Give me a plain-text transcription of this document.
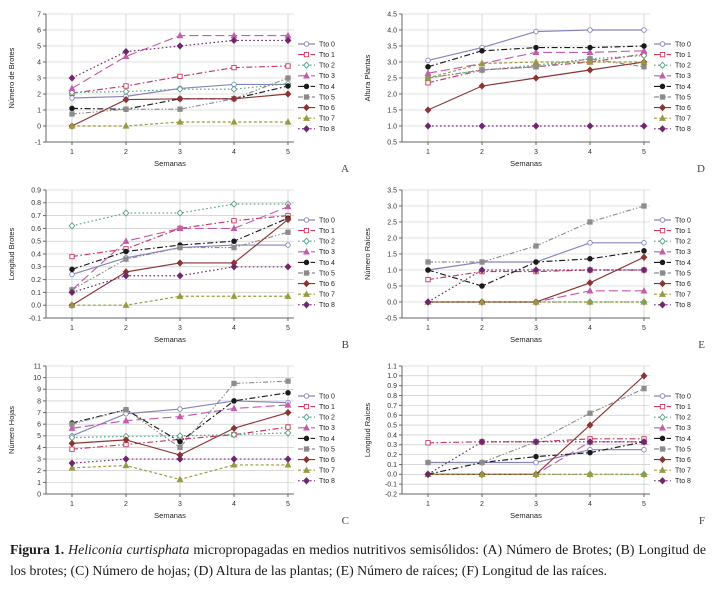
-1
0
1
2
3
4
5
6
7
1	2	3	4	5
Número de Brotes
Semanas
Tto 0
Tto 1
Tto 2
Tto 3
Tto 4
Tto 5
Tto 6
Tto 7
Tto 8
A
0.5
1.0
1.5
2.0
2.5
3.0
3.5
4.0
4.5
1	2	3	4	5
Altura Plantas
Semanas
Tto 0
Tto 1
Tto 2
Tto 3
Tto 4
Tto 5
Tto 6
Tto 7
Tto 8
D
-0.1
0.0
0.1
0.2
0.3
0.4
0.5
0.6
0.7
0.8
0.9
1	2	3	4	5
Longitud Brotes
Semanas
Tto 0
Tto 1
Tto 2
Tto 3
Tto 4
Tto 5
Tto 6
Tto 7
Tto 8
B
-0.5
0.0
0.5
1.0
1.5
2.0
2.5
3.0
3.5
1	2	3	4	5
Número Raíces
Semanas
Tto 0
Tto 1
Tto 2
Tto 3
Tto 4
Tto 5
Tto 6
Tto 7
Tto 8
E
0
1
2
3
4
5
6
7
8
9
10
11
1	2	3	4	5
Número Hojas
Semanas
Tto 0
Tto 1
Tto 2
Tto 3
Tto 4
Tto 5
Tto 6
Tto 7
Tto 8
C
-0.2
-0.1
0.0
0.1
0.2
0.3
0.4
0.5
0.6
0.7
0.8
0.9
1.0
1.1
1	2	3	4	5
Longitud Raíces
Semanas
Tto 0
Tto 1
Tto 2
Tto 3
Tto 4
Tto 5
Tto 6
Tto 7
Tto 8
F

Figura 1. Heliconia curtisphata micropropagadas en medios nutritivos semisólidos: (A) Número de Brotes; (B) Longitud de los brotes; (C) Número de hojas; (D) Altura de las plantas; (E) Número de raíces; (F) Longitud de las raíces.
